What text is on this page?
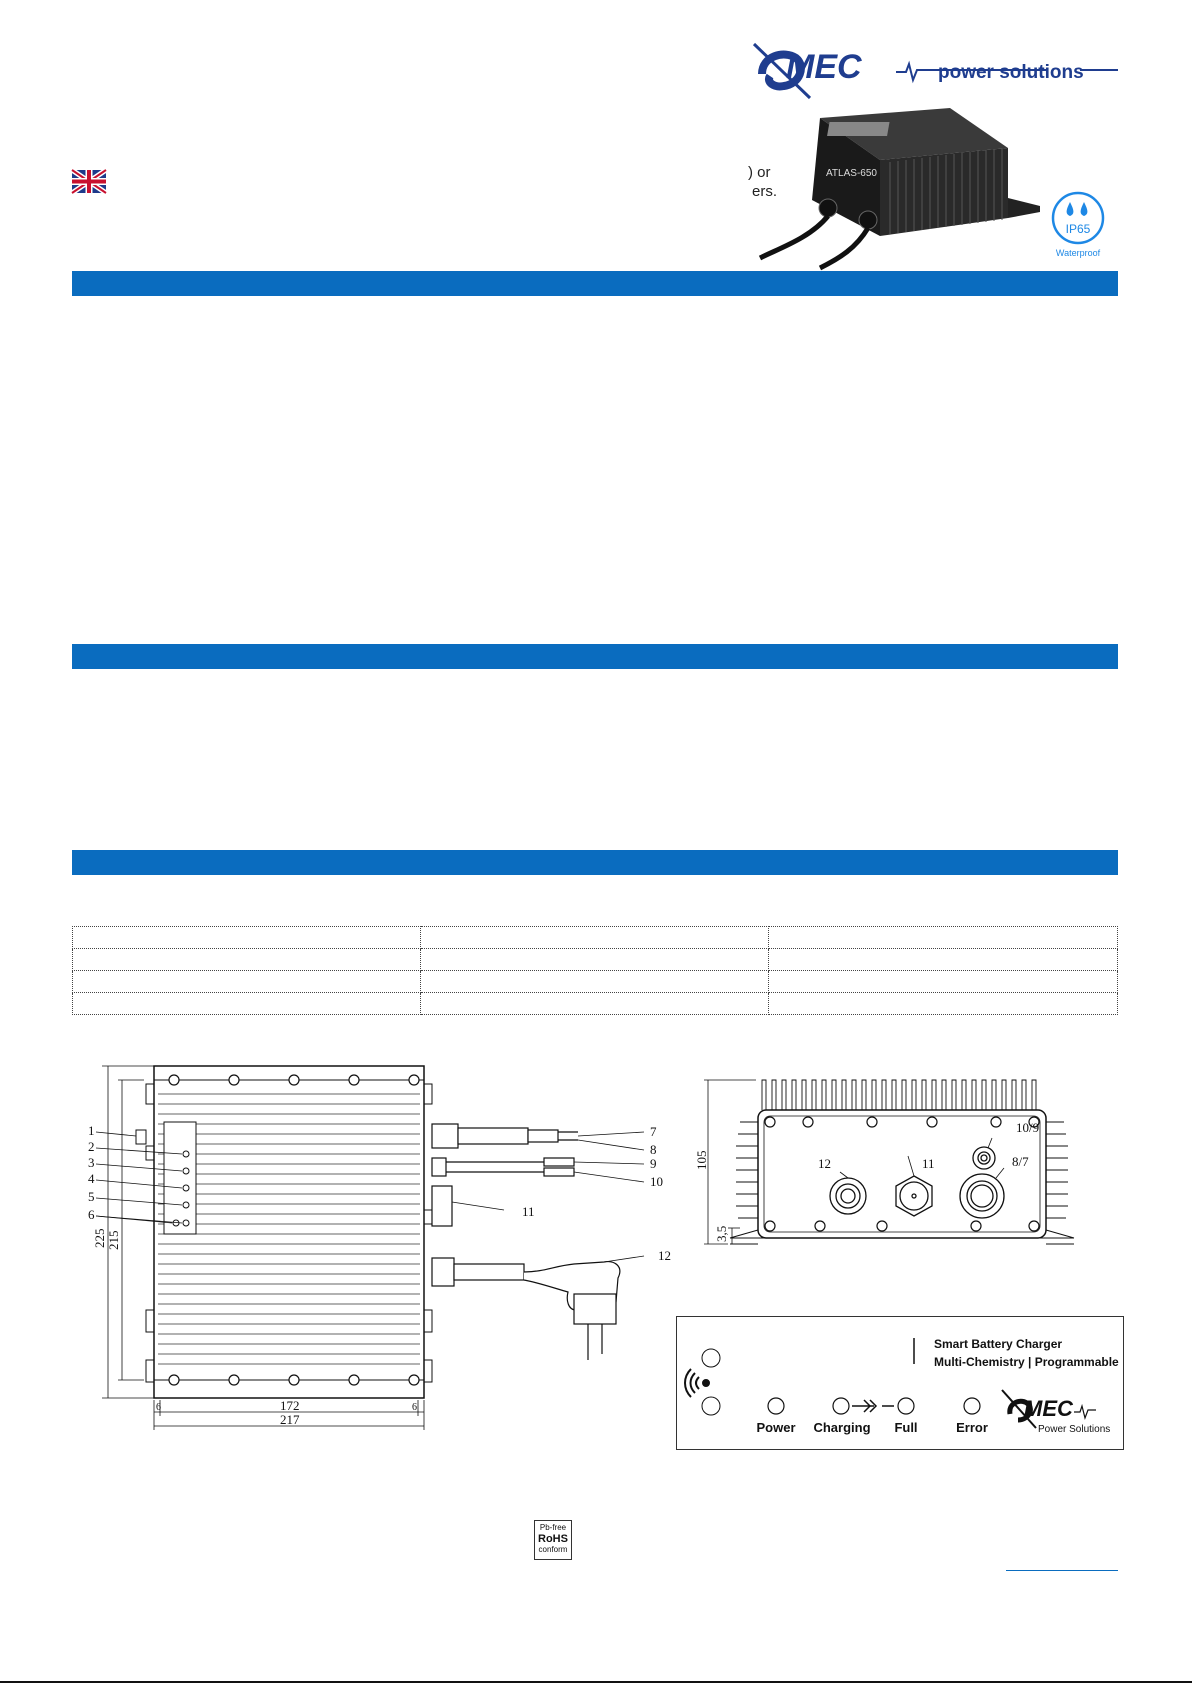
MEC	power solutions
) or
ers.
ATLAS-650
IP65
Waterproof

1
2
3
4
5
6
7
8
9
10
11
12
225 215
6	6
172
217
12	11
10/9
8/7
105
3,5
Smart Battery Charger
Multi-Chemistry | Programmable
Power Charging Full	Error
MEC
Power Solutions
Pb-free
RoHS
conform
